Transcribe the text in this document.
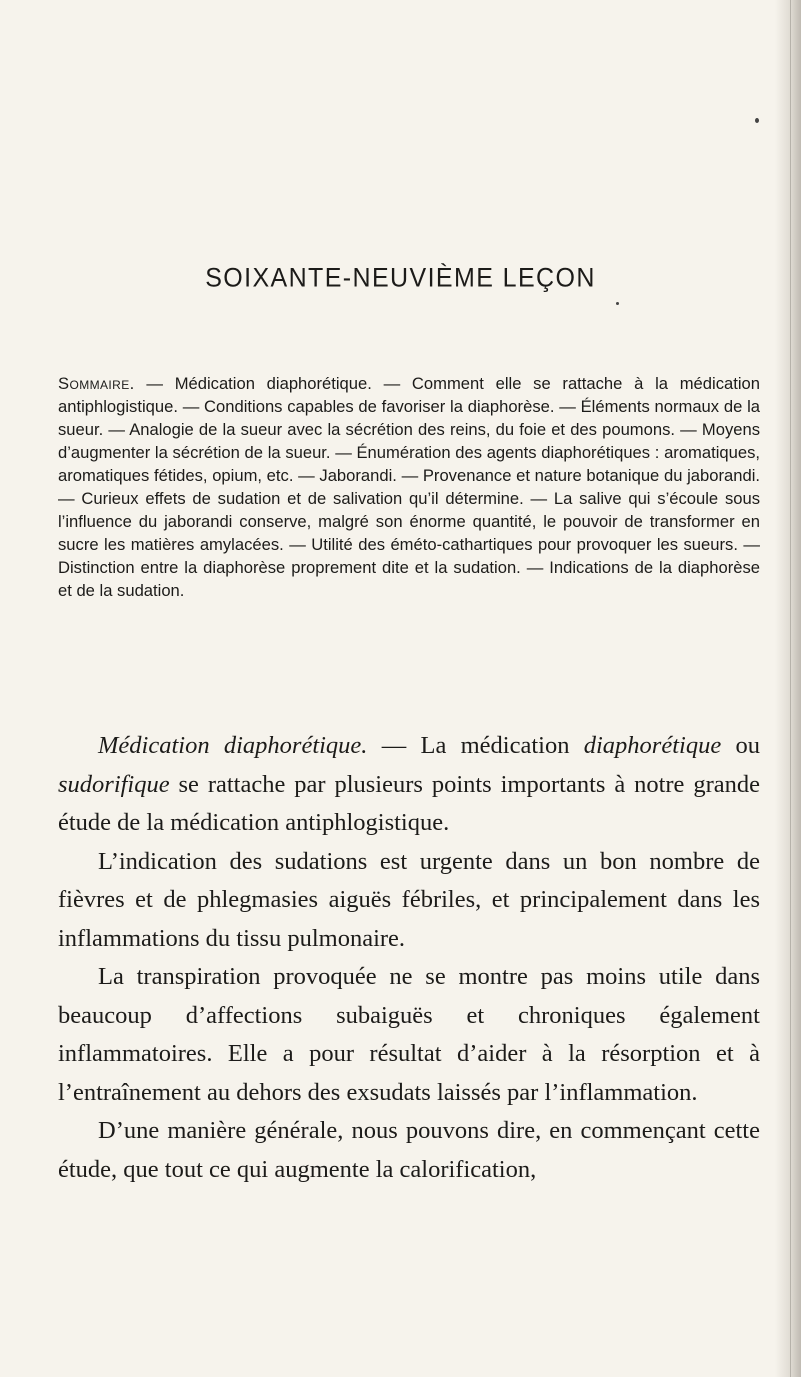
SOIXANTE-NEUVIÈME LEÇON

Sommaire. — Médication diaphorétique. — Comment elle se rattache à la médication antiphlogistique. — Conditions capables de favoriser la diaphorèse. — Éléments normaux de la sueur. — Analogie de la sueur avec la sécrétion des reins, du foie et des poumons. — Moyens d’augmenter la sécrétion de la sueur. — Énumération des agents diaphorétiques : aromatiques, aromatiques fétides, opium, etc. — Jaborandi. — Provenance et nature botanique du jaborandi. — Curieux effets de sudation et de salivation qu’il détermine. — La salive qui s’écoule sous l’influence du jaborandi conserve, malgré son énorme quantité, le pouvoir de transformer en sucre les matières amylacées. — Utilité des éméto-cathartiques pour provoquer les sueurs. — Distinction entre la diaphorèse proprement dite et la sudation. — Indications de la diaphorèse et de la sudation.

Médication diaphorétique. — La médication diaphorétique ou sudorifique se rattache par plusieurs points importants à notre grande étude de la médication antiphlogistique.

L’indication des sudations est urgente dans un bon nombre de fièvres et de phlegmasies aiguës fébriles, et principalement dans les inflammations du tissu pulmonaire.

La transpiration provoquée ne se montre pas moins utile dans beaucoup d’affections subaiguës et chroniques également inflammatoires. Elle a pour résultat d’aider à la résorption et à l’entraînement au dehors des exsudats laissés par l’inflammation.

D’une manière générale, nous pouvons dire, en commençant cette étude, que tout ce qui augmente la calorification,
